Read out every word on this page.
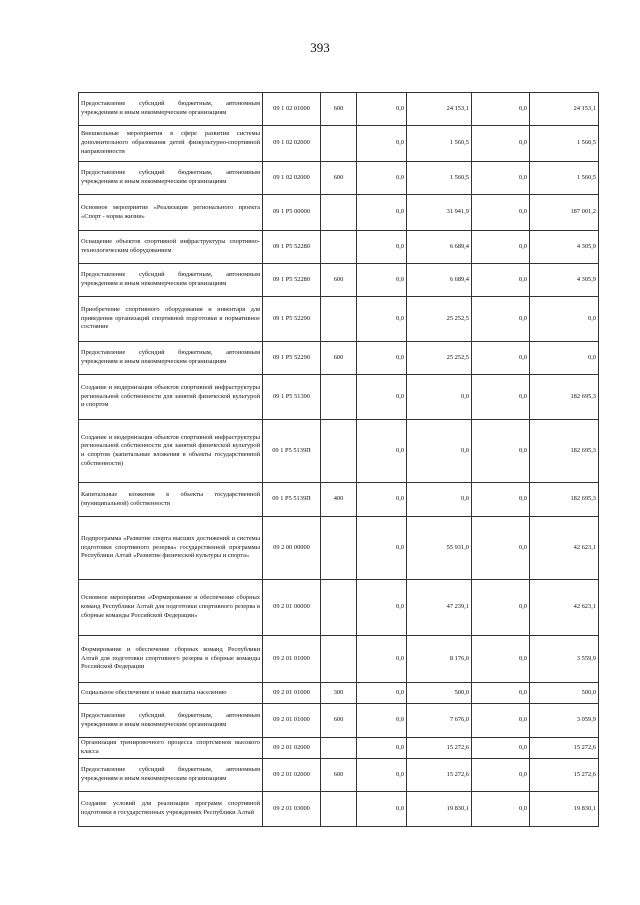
393
Предоставление субсидий бюджетным, автономным учреждениям и иным некоммерческим организациям	09 1 02 01000	600	0,0	24 153,1	0,0	24 153,1
Внешкольные мероприятия в сфере развития системы дополнительного образования детей физкультурно-спортивной направленности	09 1 02 02000		0,0	1 560,5	0,0	1 560,5
Предоставление субсидий бюджетным, автономным учреждениям и иным некоммерческим организациям	09 1 02 02000	600	0,0	1 560,5	0,0	1 560,5
Основное мероприятие «Реализация регионального проекта «Спорт - норма жизни»	09 1 P5 00000		0,0	31 941,9	0,0	187 001,2
Оснащение объектов спортивной инфраструктуры спортивно-технологическим оборудованием	09 1 P5 52280		0,0	6 689,4	0,0	4 305,9
Предоставление субсидий бюджетным, автономным учреждениям и иным некоммерческим организациям	09 1 P5 52280	600	0,0	6 689,4	0,0	4 305,9
Приобретение спортивного оборудования и инвентаря для приведения организаций спортивной подготовки в нормативное состояние	09 1 P5 52290		0,0	25 252,5	0,0	0,0
Предоставление субсидий бюджетным, автономным учреждениям и иным некоммерческим организациям	09 1 P5 52290	600	0,0	25 252,5	0,0	0,0
Создание и модернизация объектов спортивной инфраструктуры региональной собственности для занятий физической культурой и спортом	09 1 P5 51390		0,0	0,0	0,0	182 695,3
Создание и модернизация объектов спортивной инфраструктуры региональной собственности для занятий физической культурой и спортом (капитальные вложения в объекты государственной собственности)	09 1 P5 5139П		0,0	0,0	0,0	182 695,3
Капитальные вложения в объекты государственной (муниципальной) собственности	09 1 P5 5139П	400	0,0	0,0	0,0	182 695,3
Подпрограмма «Развитие спорта высших достижений и системы подготовки спортивного резерва» государственной программы Республики Алтай «Развитие физической культуры и спорта»	09 2 00 00000		0,0	55 931,0	0,0	42 623,1
Основное мероприятие «Формирование и обеспечение сборных команд Республики Алтай для подготовки спортивного резерва в сборные команды Российской Федерации»	09 2 01 00000		0,0	47 239,1	0,0	42 623,1
Формирование и обеспечение сборных команд Республики Алтай для подготовки спортивного резерва в сборные команды Российской Федерации	09 2 01 01000		0,0	8 176,0	0,0	3 559,9
Социальное обеспечение и иные выплаты населению	09 2 01 01000	300	0,0	500,0	0,0	500,0
Предоставление субсидий бюджетным, автономным учреждениям и иным некоммерческим организациям	09 2 01 01000	600	0,0	7 676,0	0,0	3 059,9
Организация тренировочного процесса спортсменов высокого класса	09 2 01 02000		0,0	15 272,6	0,0	15 272,6
Предоставление субсидий бюджетным, автономным учреждениям и иным некоммерческим организациям	09 2 01 02000	600	0,0	15 272,6	0,0	15 272,6
Создание условий для реализации программ спортивной подготовки в государственных учреждениях Республики Алтай	09 2 01 03000		0,0	19 830,1	0,0	19 830,1
